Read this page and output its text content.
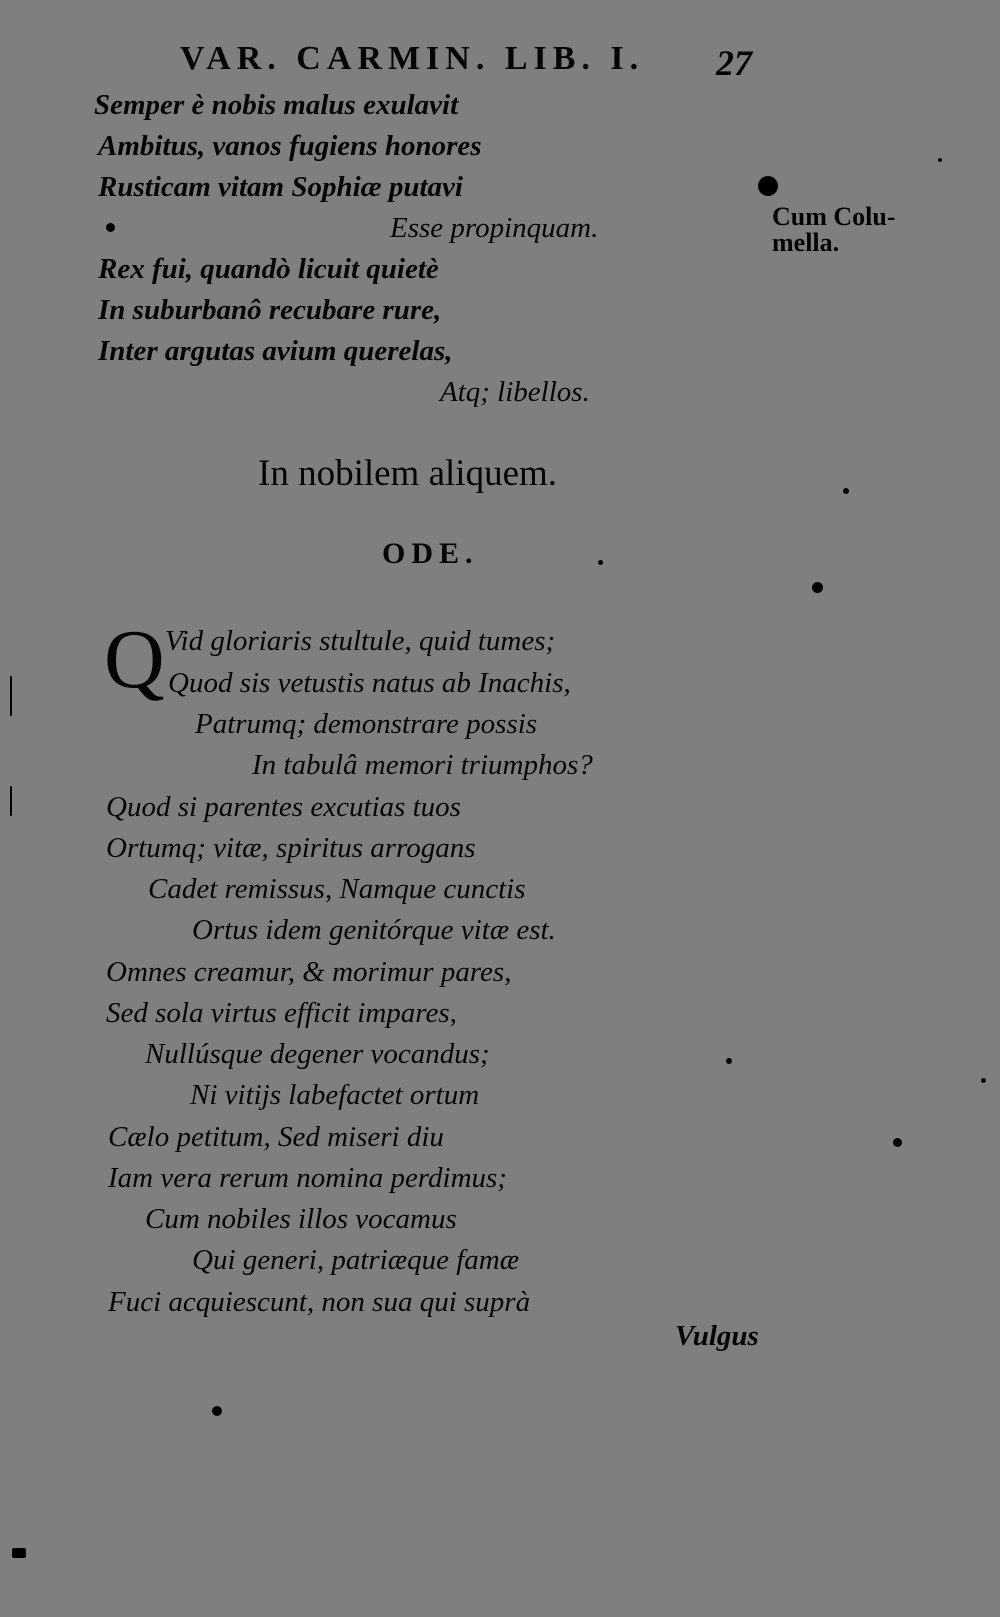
VAR. CARMIN. LIB. I. 27
Semper è nobis malus exulavit
Ambitus, vanos fugiens honores
Rusticam vitam Sophiæ putavi
Esse propinquam.
Rex fui, quandò licuit quietè
In suburbanô recubare rure,
Inter argutas avium querelas,
Atq; libellos.
Cum Colu-
mella.
In nobilem aliquem.
ODE.
Q Vid gloriaris stultule, quid tumes;
Quod sis vetustis natus ab Inachis,
Patrumq; demonstrare possis
In tabulâ memori triumphos?
Quod si parentes excutias tuos
Ortumq; vitæ, spiritus arrogans
Cadet remissus, Namque cunctis
Ortus idem genitórque vitæ est.
Omnes creamur, & morimur pares,
Sed sola virtus efficit impares,
Nullúsque degener vocandus;
Ni vitijs labefactet ortum
Cælo petitum, Sed miseri diu
Iam vera rerum nomina perdimus;
Cum nobiles illos vocamus
Qui generi, patriæque famæ
Fuci acquiescunt, non sua qui suprà
Vulgus
